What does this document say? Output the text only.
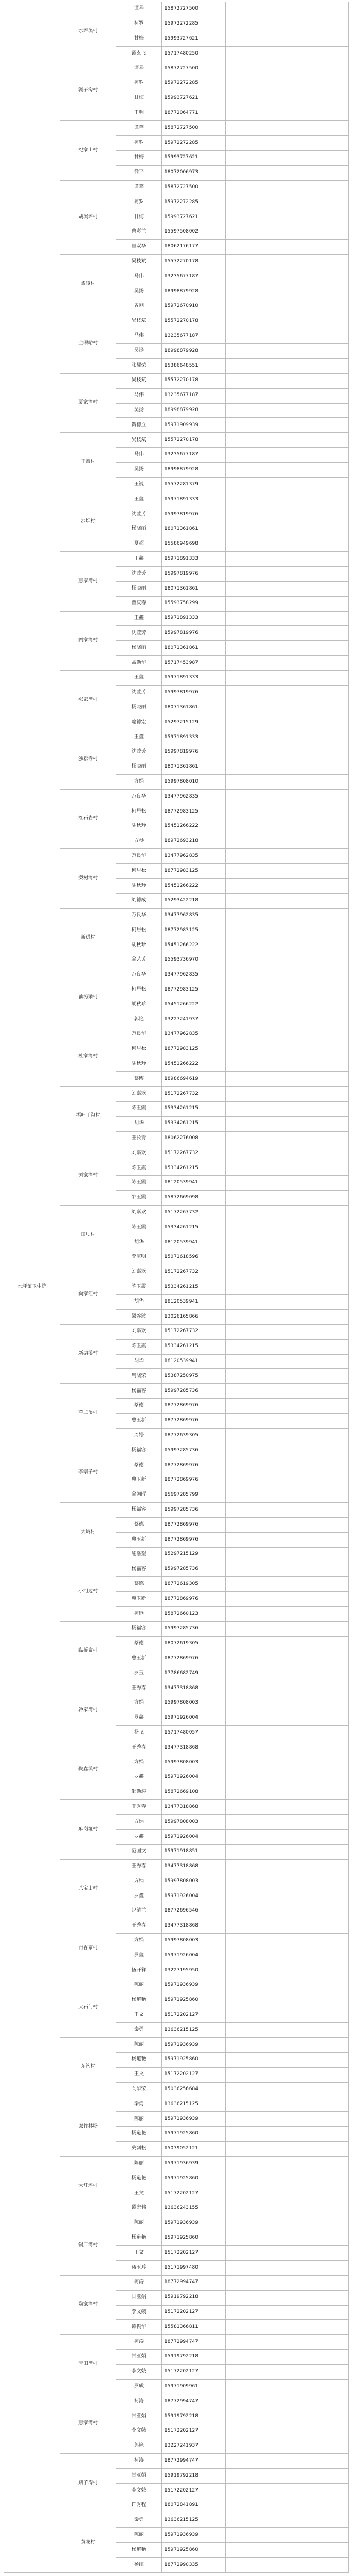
水坪镇卫生院	水坪溪村	谭莘	15872727500	
		柯罗	15972272285	
		甘梅	15993727621	
		谭玄飞	15717480250	
	湖子沟村	谭莘	15872727500	
		柯罗	15972272285	
		甘梅	15993727621	
		王明	18772064771	
	纪家山村	谭莘	15872727500	
		柯罗	15972272285	
		甘梅	15993727621	
		翁平	18072006973	
	胡溪坪村	谭莘	15872727500	
		柯罗	15972272285	
		甘梅	15993727621	
		曹彩兰	15597508002	
		曾双华	18062176177	
	漆凌村	吴枝斌	15572270178	
		马伟	13235677187	
		吴扬	18998879928	
		曾刚	15972670910	
	金颂峪村	吴枝斌	15572270178	
		马伟	13235677187	
		吴扬	18998879928	
		张耀荣	15386648551	
	夏家湾村	吴枝斌	15572270178	
		马伟	13235677187	
		吴扬	18998879928	
		贺德立	15971909939	
	王寨村	吴枝斌	15572270178	
		马伟	13235677187	
		吴扬	18998879928	
		王锐	15572281379	
	沙坝村	王鑫	15971891333	
		沈萱芳	15997819976	
		杨晓丽	18071361861	
		夏超	15586949698	
	惠家湾村	王鑫	15971891333	
		沈萱芳	15997819976	
		杨晓丽	18071361861	
		曹庆春	15593758299	
	阎家湾村	王鑫	15971891333	
		沈萱芳	15997819976	
		杨晓丽	18071361861	
		孟勤华	15717453987	
	张家湾村	王鑫	15971891333	
		沈萱芳	15997819976	
		杨晓丽	18071361861	
		喻德宏	15297215129	
	独松寺村	王鑫	15971891333	
		沈萱芳	15997819976	
		杨晓丽	18071361861	
		方娟	15997808010	
	红石岩村	万良华	13477962835	
		柯居松	18772983125	
		胡秋珍	15451266222	
		方琴	18972693218	
	梨树湾村	万良华	13477962835	
		柯居松	18772983125	
		胡秋珍	15451266222	
		刘德成	15293422218	
	新进村	万良华	13477962835	
		柯居松	18772983125	
		胡秋珍	15451266222	
		余艺芳	15593736970	
	油坊梁村	万良华	13477962835	
		柯居松	18772983125	
		胡秋珍	15451266222	
		郭艳	13227241937	
	杜家湾村	万良华	13477962835	
		柯居松	18772983125	
		胡秋珍	15451266222	
		蔡博	18986694619	
	梧叶子沟村	刘嘉欢	15172267732	
		陈玉霞	15334261215	
		胡华	15334261215	
		王长青	18062276008	
	刘家湾村	刘嘉欢	15172267732	
		陈玉霞	15334261215	
		陈玉霞	18120539941	
		邵玉霞	15872669098	
	田坝村	刘嘉欢	15172267732	
		陈玉霞	15334261215	
		胡华	18120539941	
		李宝明	15071618596	
	向家汇村	刘嘉欢	15172267732	
		陈玉霞	15334261215	
		胡华	18120539941	
		梁谷波	13026165866	
	新塘溪村	刘嘉欢	15172267732	
		陈玉霞	15334261215	
		胡华	18120539941	
		周晓荣	15387250975	
	草二溪村	杨福容	15997285736	
		蔡德	18772869976	
		惠玉新	18772869976	
		周婷	18772639305	
	李寨子村	杨福容	15997285736	
		蔡德	18772869976	
		惠玉新	18772869976	
		余朝晖	15697285799	
	大岭村	杨福容	15997285736	
		蔡德	18772869976	
		惠玉新	18772869976	
		喻潘望	15297215129	
	小河边村	杨福容	15997285736	
		蔡德	18772619305	
		惠玉新	18772869976	
		柯远	15872660123	
	黏桥寨村	杨福容	15997285736	
		蔡德	18072619305	
		惠玉新	18772869976	
		罗玉	17786682749	
	冷家湾村	王秀春	13477318868	
		方娟	15997808003	
		罗鑫	15971926004	
		杨飞	15717480057	
	聚鑫溪村	王秀春	13477318868	
		方娟	15997808003	
		罗鑫	15971926004	
		邹勤涛	15872669108	
	麻岗垭村	王秀春	13477318868	
		方娟	15997808003	
		罗鑫	15971926004	
		范国文	15971918851	
	八宝山村	王秀春	13477318868	
		方娟	15997808003	
		罗鑫	15971926004	
		赵清兰	18772696546	
	肖香寨村	王秀春	13477318868	
		方娟	15997808003	
		罗鑫	15971926004	
		伍开祥	13227195950	
	大石门村	陈丽	15971936939	
		杨道艳	15971925860	
		王文	15172202127	
		秦勇	13636215125	
	东沟村	陈丽	15971936939	
		杨道艳	15971925860	
		王文	15172202127	
		向华荣	15036256684	
	双竹林场	秦勇	13636215125	
		陈丽	15971936939	
		杨道艳	15971925860	
		史剑松	15039052121	
	大灯坪村	陈丽	15971936939	
		杨道艳	15971925860	
		王文	15172202127	
		谭宏伟	13636243155	
	锅厂湾村	陈丽	15971936939	
		杨道艳	15971925860	
		王文	15172202127	
		蒋玉珍	15171997480	
	魏家湾村	柯涛	18772994747	
		甘亚娟	15919792218	
		李文娥	15172202127	
		谭振华	15581366811	
	青田湾村	柯涛	18772994747	
		甘亚娟	15919792218	
		李文娥	15172202127	
		罗成	15971909961	
	惠家湾村	柯涛	18772994747	
		甘亚娟	15919792218	
		李文娥	15172202127	
		郭艳	13227241937	
	店子沟村	柯涛	18772994747	
		甘亚娟	15919792218	
		李文娥	15172202127	
		许秀程	18072841891	
	黄龙村	秦勇	13636215125	
		陈丽	15971936939	
		杨道艳	15971925860	
		杨红	18772990335	
